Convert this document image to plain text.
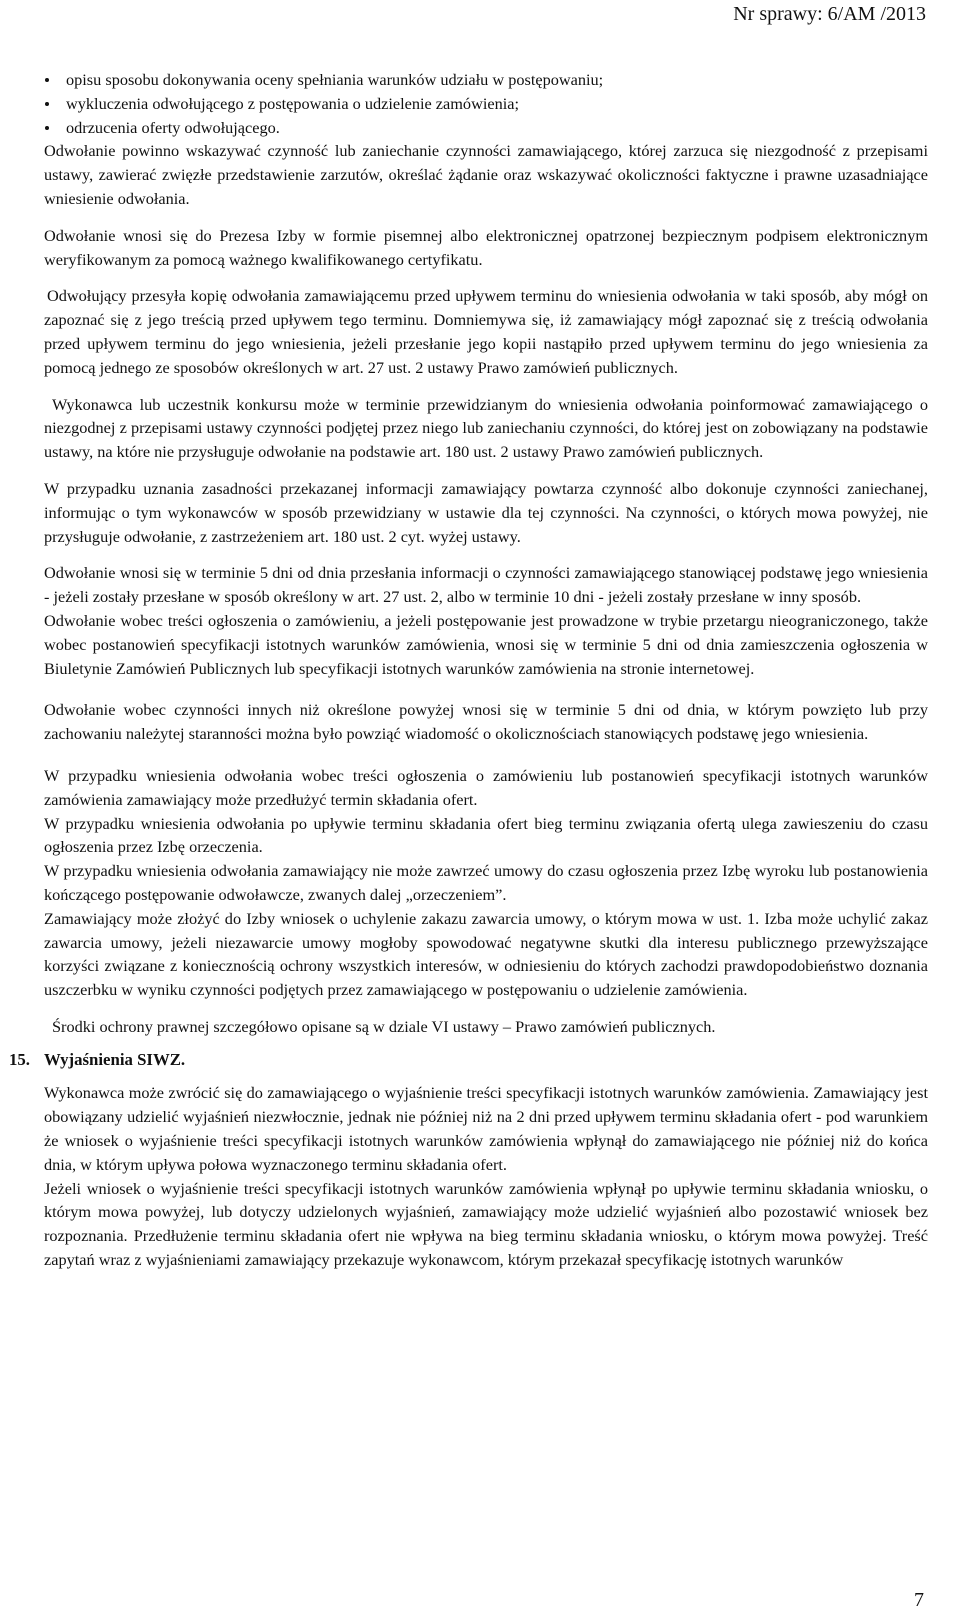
Nr sprawy: 6/AM /2013
opisu sposobu dokonywania oceny spełniania warunków udziału w postępowaniu;
wykluczenia odwołującego z postępowania o udzielenie zamówienia;
odrzucenia oferty odwołującego.

Odwołanie powinno wskazywać czynność lub zaniechanie czynności zamawiającego, której zarzuca się niezgodność z przepisami ustawy, zawierać zwięzłe przedstawienie zarzutów, określać żądanie oraz wskazywać okoliczności faktyczne i prawne uzasadniające wniesienie odwołania.

Odwołanie wnosi się do Prezesa Izby w formie pisemnej albo elektronicznej opatrzonej bezpiecznym podpisem elektronicznym weryfikowanym za pomocą ważnego kwalifikowanego certyfikatu.

Odwołujący przesyła kopię odwołania zamawiającemu przed upływem terminu do wniesienia odwołania w taki sposób, aby mógł on zapoznać się z jego treścią przed upływem tego terminu. Domniemywa się, iż zamawiający mógł zapoznać się z treścią odwołania przed upływem terminu do jego wniesienia, jeżeli przesłanie jego kopii nastąpiło przed upływem terminu do jego wniesienia za pomocą jednego ze sposobów określonych w art. 27 ust. 2 ustawy Prawo zamówień publicznych.

Wykonawca lub uczestnik konkursu może w terminie przewidzianym do wniesienia odwołania poinformować zamawiającego o niezgodnej z przepisami ustawy czynności podjętej przez niego lub zaniechaniu czynności, do której jest on zobowiązany na podstawie ustawy, na które nie przysługuje odwołanie na podstawie art. 180 ust. 2 ustawy Prawo zamówień publicznych.

W przypadku uznania zasadności przekazanej informacji zamawiający powtarza czynność albo dokonuje czynności zaniechanej, informując o tym wykonawców w sposób przewidziany w ustawie dla tej czynności. Na czynności, o których mowa powyżej, nie przysługuje odwołanie, z zastrzeżeniem art. 180 ust. 2 cyt. wyżej ustawy.

Odwołanie wnosi się w terminie 5 dni od dnia przesłania informacji o czynności zamawiającego stanowiącej podstawę jego wniesienia - jeżeli zostały przesłane w sposób określony w art. 27 ust. 2, albo w terminie 10 dni - jeżeli zostały przesłane w inny sposób.

Odwołanie wobec treści ogłoszenia o zamówieniu, a jeżeli postępowanie jest prowadzone w trybie przetargu nieograniczonego, także wobec postanowień specyfikacji istotnych warunków zamówienia, wnosi się w terminie 5 dni od dnia zamieszczenia ogłoszenia w Biuletynie Zamówień Publicznych lub specyfikacji istotnych warunków zamówienia na stronie internetowej.

Odwołanie wobec czynności innych niż określone powyżej wnosi się w terminie 5 dni od dnia, w którym powzięto lub przy zachowaniu należytej staranności można było powziąć wiadomość o okolicznościach stanowiących podstawę jego wniesienia.

W przypadku wniesienia odwołania wobec treści ogłoszenia o zamówieniu lub postanowień specyfikacji istotnych warunków zamówienia zamawiający może przedłużyć termin składania ofert.

W przypadku wniesienia odwołania po upływie terminu składania ofert bieg terminu związania ofertą ulega zawieszeniu do czasu ogłoszenia przez Izbę orzeczenia.

W przypadku wniesienia odwołania zamawiający nie może zawrzeć umowy do czasu ogłoszenia przez Izbę wyroku lub postanowienia kończącego postępowanie odwoławcze, zwanych dalej „orzeczeniem”.

Zamawiający może złożyć do Izby wniosek o uchylenie zakazu zawarcia umowy, o którym mowa w ust. 1. Izba może uchylić zakaz zawarcia umowy, jeżeli niezawarcie umowy mogłoby spowodować negatywne skutki dla interesu publicznego przewyższające korzyści związane z koniecznością ochrony wszystkich interesów, w odniesieniu do których zachodzi prawdopodobieństwo doznania uszczerbku w wyniku czynności podjętych przez zamawiającego w postępowaniu o udzielenie zamówienia.

Środki ochrony prawnej szczegółowo opisane są w dziale VI ustawy – Prawo zamówień publicznych.

15. Wyjaśnienia SIWZ.

Wykonawca może zwrócić się do zamawiającego o wyjaśnienie treści specyfikacji istotnych warunków zamówienia. Zamawiający jest obowiązany udzielić wyjaśnień niezwłocznie, jednak nie później niż na 2 dni przed upływem terminu składania ofert - pod warunkiem że wniosek o wyjaśnienie treści specyfikacji istotnych warunków zamówienia wpłynął do zamawiającego nie później niż do końca dnia, w którym upływa połowa wyznaczonego terminu składania ofert.

Jeżeli wniosek o wyjaśnienie treści specyfikacji istotnych warunków zamówienia wpłynął po upływie terminu składania wniosku, o którym mowa powyżej, lub dotyczy udzielonych wyjaśnień, zamawiający może udzielić wyjaśnień albo pozostawić wniosek bez rozpoznania. Przedłużenie terminu składania ofert nie wpływa na bieg terminu składania wniosku, o którym mowa powyżej. Treść zapytań wraz z wyjaśnieniami zamawiający przekazuje wykonawcom, którym przekazał specyfikację istotnych warunków

7
